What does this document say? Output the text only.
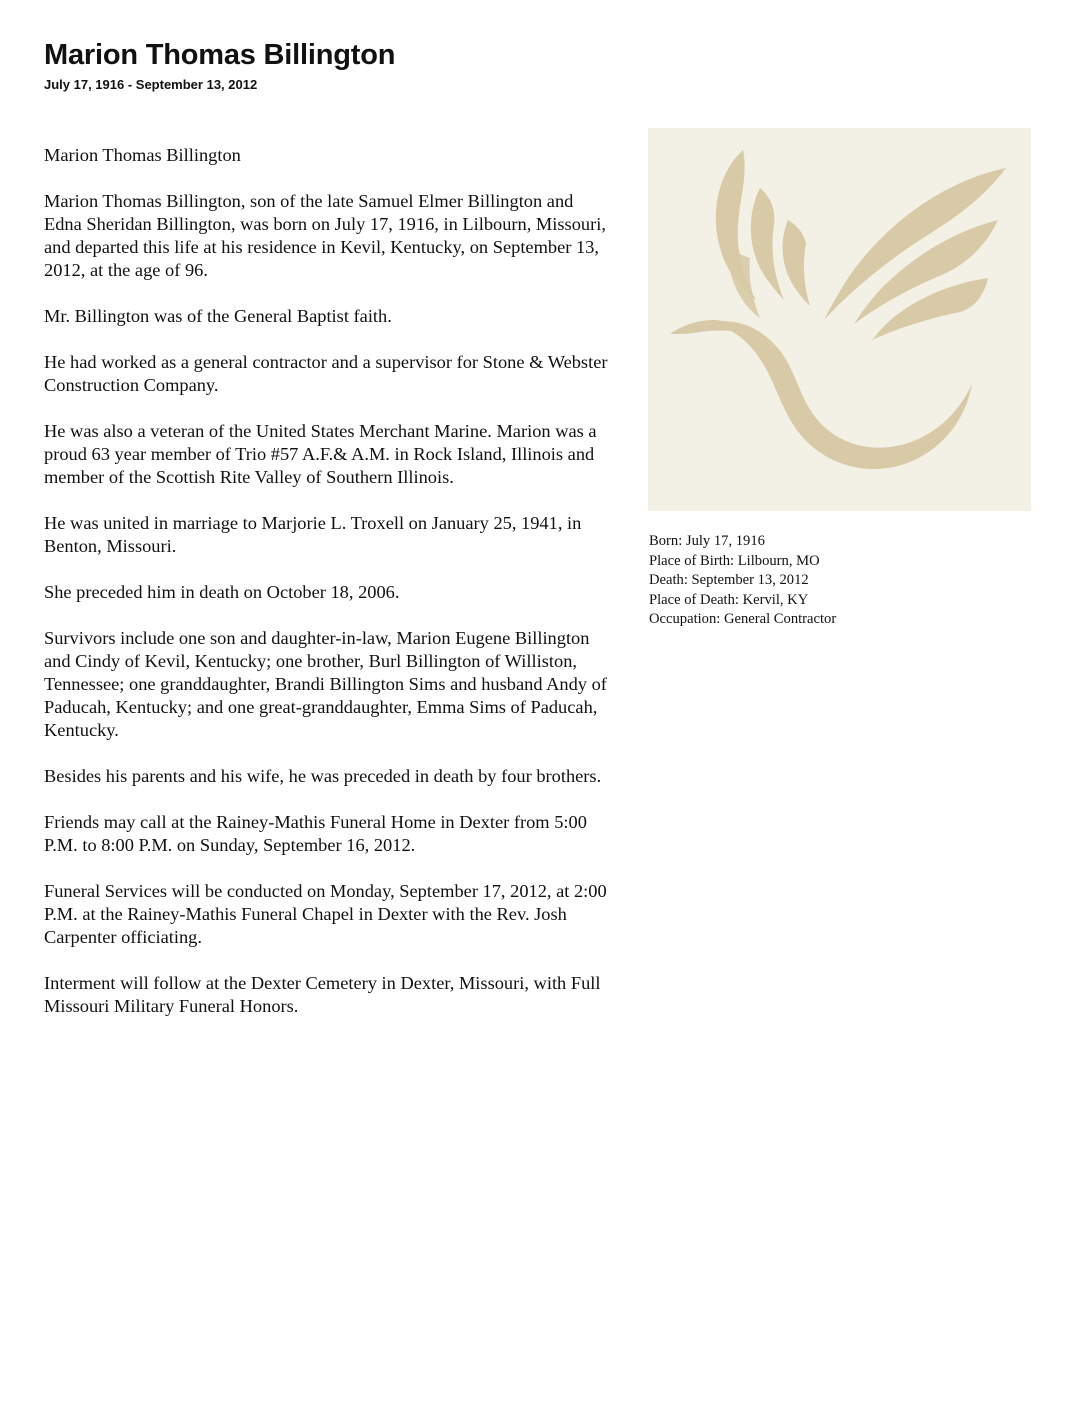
Marion Thomas Billington
July 17, 1916 - September 13, 2012

Marion Thomas Billington

Marion Thomas Billington, son of the late Samuel Elmer Billington and Edna Sheridan Billington, was born on July 17, 1916, in Lilbourn, Missouri, and departed this life at his residence in Kevil, Kentucky, on September 13, 2012, at the age of 96.

Mr. Billington was of the General Baptist faith.

He had worked as a general contractor and a supervisor for Stone & Webster Construction Company.

He was also a veteran of the United States Merchant Marine. Marion was a proud 63 year member of Trio #57 A.F.& A.M. in Rock Island, Illinois and member of the Scottish Rite Valley of Southern Illinois.

He was united in marriage to Marjorie L. Troxell on January 25, 1941, in Benton, Missouri.

She preceded him in death on October 18, 2006.

Survivors include one son and daughter-in-law, Marion Eugene Billington and Cindy of Kevil, Kentucky; one brother, Burl Billington of Williston, Tennessee; one granddaughter, Brandi Billington Sims and husband Andy of Paducah, Kentucky; and one great-granddaughter, Emma Sims of Paducah, Kentucky.

Besides his parents and his wife, he was preceded in death by four brothers.

Friends may call at the Rainey-Mathis Funeral Home in Dexter from 5:00 P.M. to 8:00 P.M. on Sunday, September 16, 2012.

Funeral Services will be conducted on Monday, September 17, 2012, at 2:00 P.M. at the Rainey-Mathis Funeral Chapel in Dexter with the Rev. Josh Carpenter officiating.

Interment will follow at the Dexter Cemetery in Dexter, Missouri, with Full Missouri Military Funeral Honors.

Born: July 17, 1916
Place of Birth: Lilbourn, MO
Death: September 13, 2012
Place of Death: Kervil, KY
Occupation: General Contractor
